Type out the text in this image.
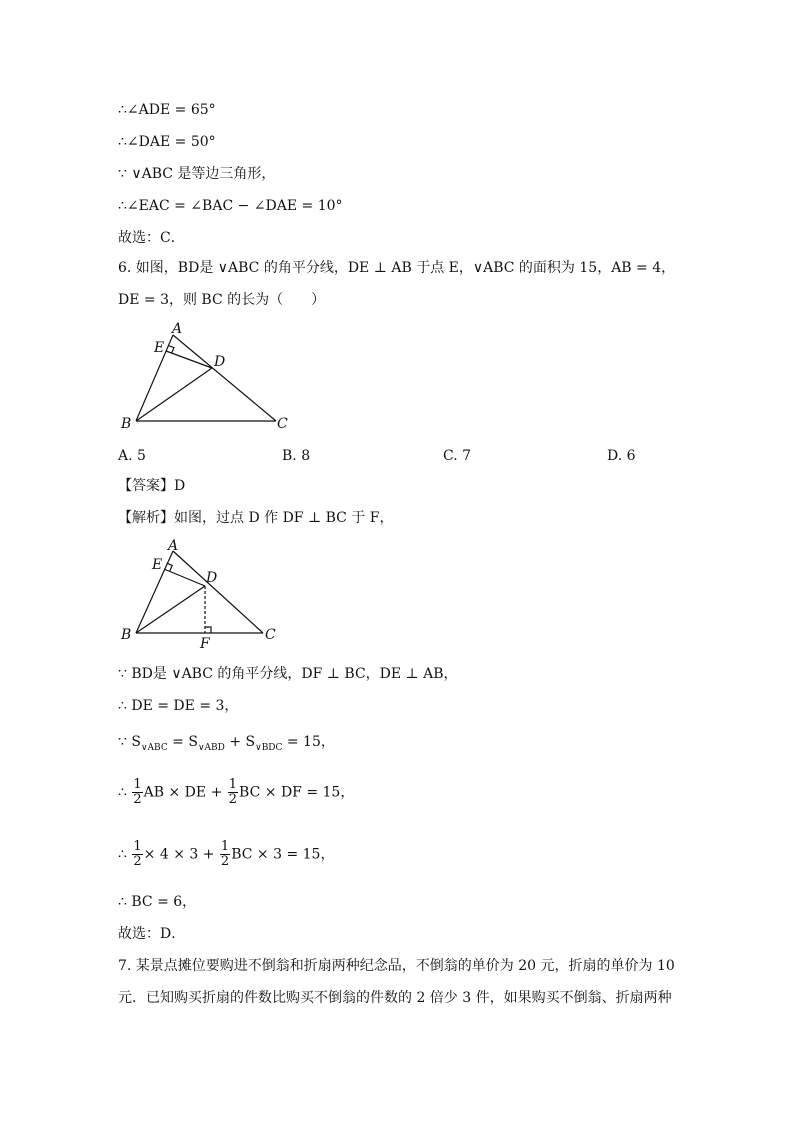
∴∠ADE = 65°
∴∠DAE = 50°
∵ ∨ABC 是等边三角形，
∴∠EAC = ∠BAC − ∠DAE = 10°
故选：C．
6. 如图，BD是 ∨ABC 的角平分线，DE ⊥ AB 于点 E，∨ABC 的面积为 15，AB = 4，
DE = 3，则 BC 的长为（　　）
A
E
D
B	C
A. 5	B. 8	C. 7	D. 6
【答案】D
【解析】如图，过点 D 作 DF ⊥ BC 于 F，
A
E
D
B	C
F
∵ BD是 ∨ABC 的角平分线，DF ⊥ BC，DE ⊥ AB，
∴ DE = DE = 3，
∵ $S_{\vee ABC} = S_{\vee ABD} + S_{\vee BDC} = 15$，
∴ $\frac{1}{2}$ AB × DE + $\frac{1}{2}$ BC × DF = 15，
∴ $\frac{1}{2} \times 4 \times 3 + \frac{1}{2}$ BC × 3 = 15，
∴ BC = 6，
故选：D．
7. 某景点摊位要购进不倒翁和折扇两种纪念品，不倒翁的单价为 20 元，折扇的单价为 10
元．已知购买折扇的件数比购买不倒翁的件数的 2 倍少 3 件，如果购买不倒翁、折扇两种
